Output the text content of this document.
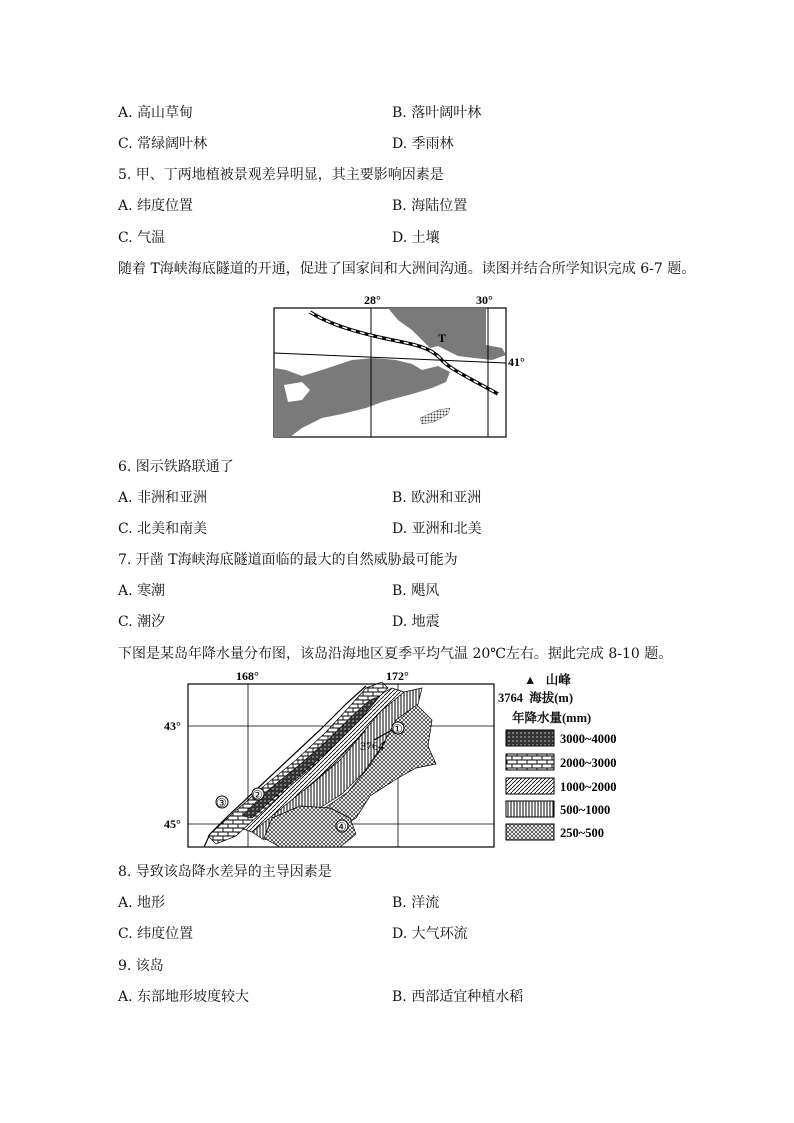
A. 高山草甸	B. 落叶阔叶林
C. 常绿阔叶林	D. 季雨林
5. 甲、丁两地植被景观差异明显，其主要影响因素是
A. 纬度位置	B. 海陆位置
C. 气温	D. 土壤
随着 T海峡海底隧道的开通，促进了国家间和大洲间沟通。读图并结合所学知识完成 6-7 题。
28°	30°
41°
T
6. 图示铁路联通了
A. 非洲和亚洲	B. 欧洲和亚洲
C. 北美和南美	D. 亚洲和北美
7. 开凿 T海峡海底隧道面临的最大的自然威胁最可能为
A. 寒潮	B. 飓风
C. 潮汐	D. 地震
下图是某岛年降水量分布图，该岛沿海地区夏季平均气温 20℃左右。据此完成 8-10 题。
①
②
③
④
3764
168°	172°
43°
45°
▲ 山峰
3764 海拔(m)
年降水量(mm)
3000~4000
2000~3000
1000~2000
500~1000
250~500
8. 导致该岛降水差异的主导因素是
A. 地形	B. 洋流
C. 纬度位置	D. 大气环流
9. 该岛
A. 东部地形坡度较大	B. 西部适宜种植水稻
